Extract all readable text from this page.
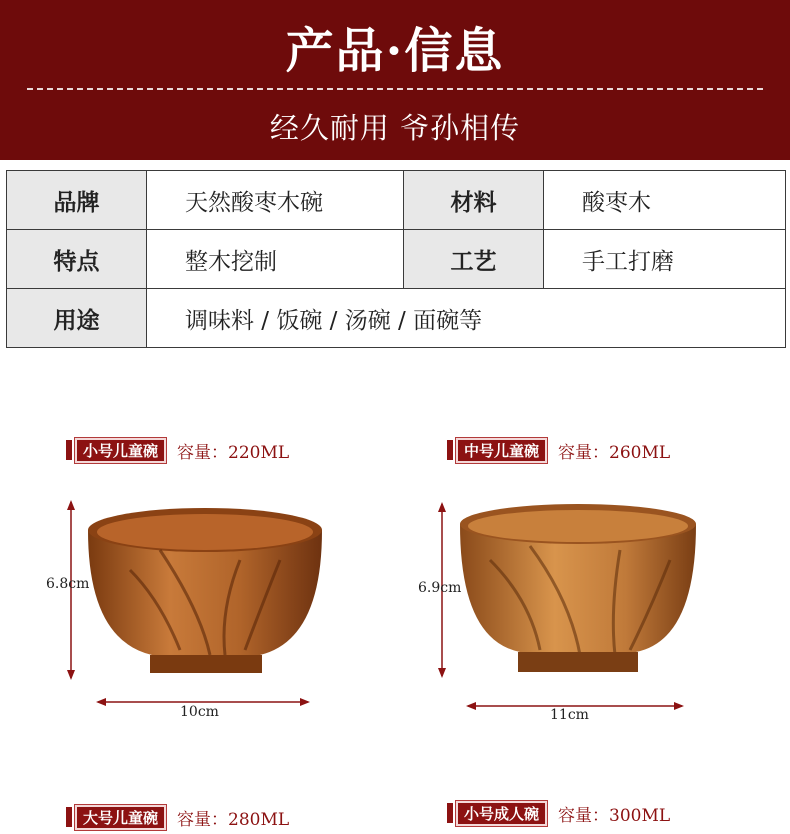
产品·信息
经久耐用 爷孙相传
品牌	天然酸枣木碗	材料	酸枣木
特点	整木挖制	工艺	手工打磨
用途	调味料 / 饭碗 / 汤碗 / 面碗等		
小号儿童碗	容量：220ML	中号儿童碗	容量：260ML
6.8cm
10cm
6.9cm
11cm
大号儿童碗	容量：280ML	小号成人碗	容量：300ML
